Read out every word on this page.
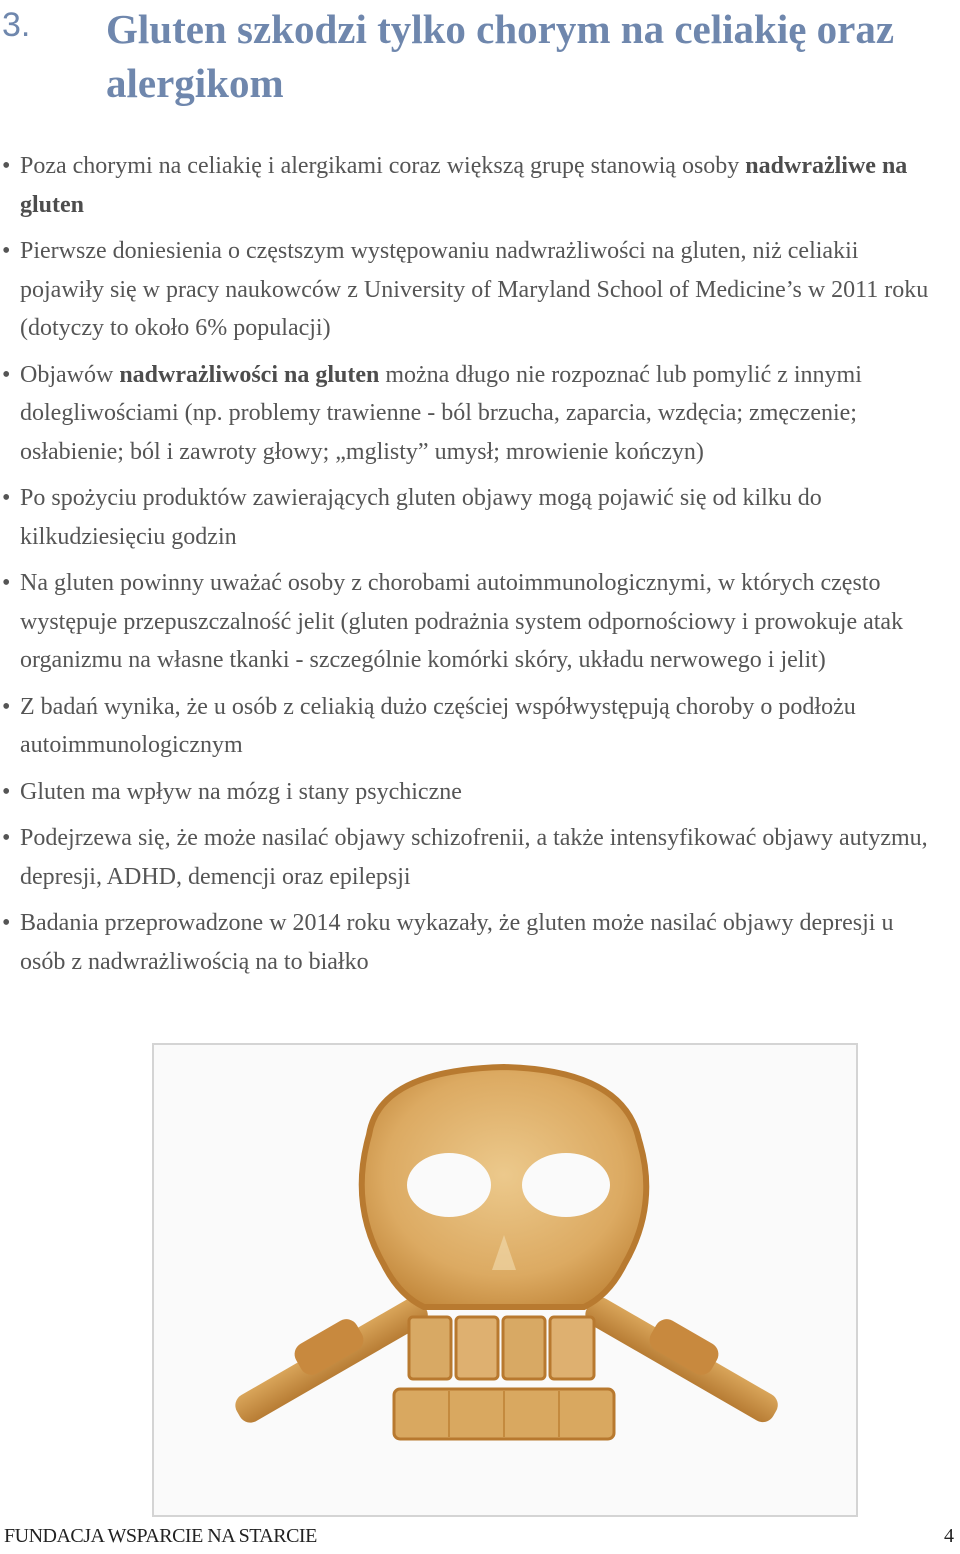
3. Gluten szkodzi tylko chorym na celiakię oraz alergikom
• Poza chorymi na celiakię i alergikami coraz większą grupę stanowią osoby nadwrażliwe na gluten
• Pierwsze doniesienia o częstszym występowaniu nadwrażliwości na gluten, niż celiakii pojawiły się w pracy naukowców z University of Maryland School of Medicine’s w 2011 roku (dotyczy to około 6% populacji)
• Objawów nadwrażliwości na gluten można długo nie rozpoznać lub pomylić z innymi dolegliwościami (np. problemy trawienne - ból brzucha, zaparcia, wzdęcia; zmęczenie; osłabienie; ból i zawroty głowy; „mglisty” umysł; mrowienie kończyn)
• Po spożyciu produktów zawierających gluten objawy mogą pojawić się od kilku do kilkudziesięciu godzin
• Na gluten powinny uważać osoby z chorobami autoimmunologicznymi, w których często występuje przepuszczalność jelit (gluten podrażnia system odpornościowy i prowokuje atak organizmu na własne tkanki - szczególnie komórki skóry, układu nerwowego i jelit)
• Z badań wynika, że u osób z celiakią dużo częściej współwystępują choroby o podłożu autoimmunologicznym
• Gluten ma wpływ na mózg i stany psychiczne
• Podejrzewa się, że może nasilać objawy schizofrenii, a także intensyfikować objawy autyzmu, depresji, ADHD, demencji oraz epilepsji
• Badania przeprowadzone w 2014 roku wykazały, że gluten może nasilać objawy depresji u osób z nadwrażliwością na to białko
FUNDACJA WSPARCIE NA STARCIE	4
